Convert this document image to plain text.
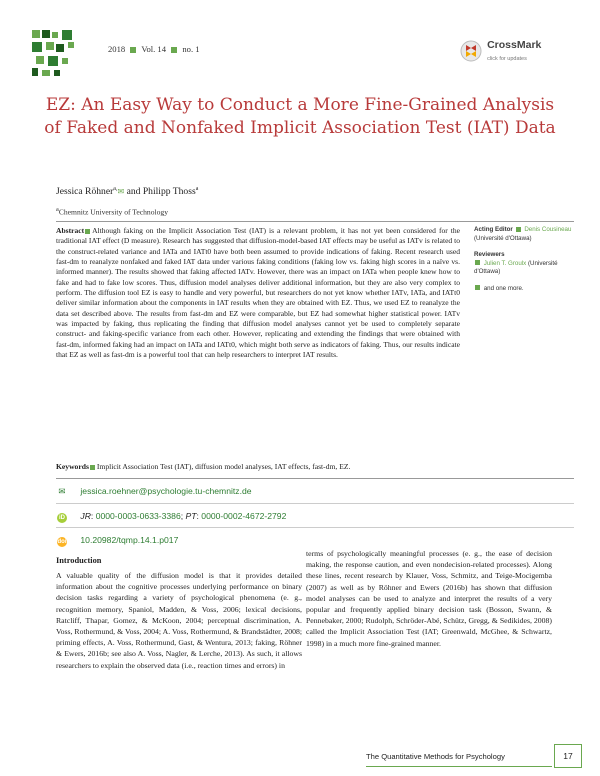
2018 Vol. 14 no. 1	CrossMark
click for updates
EZ: An Easy Way to Conduct a More Fine-Grained Analysis of Faked and Nonfaked Implicit Association Test (IAT) Data
Jessica Röhner$^{a,}$✉ and Philipp Thoss$^a$
$^a$Chemnitz University of Technology
Abstract Although faking on the Implicit Association Test (IAT) is a relevant problem, it has not yet been considered for the traditional IAT effect (D measure). Research has suggested that diffusion-model-based IAT effects may be useful as IATv is related to the construct-related variance and IATa and IATt0 have both been assumed to provide indications of faking. Recent research used fast-dm to reanalyze nonfaked and faked IAT data under various faking conditions (faking low vs. faking high scores in a naïve vs. informed manner). The results showed that faking affected IATv. However, there was an impact on IATa when people knew how to fake and had to fake low scores. Thus, diffusion model analyses deliver additional information, but they are also very complex to perform. The diffusion tool EZ is easy to handle and very powerful, but researchers do not yet know whether IATv, IATa, and IATt0 deliver similar information about the components in IAT results when they are obtained with EZ. Thus, we used EZ to reanalyze the data set described above. The results from fast-dm and EZ were comparable, but EZ had somewhat higher statistical power. IATv was impacted by faking, thus replicating the finding that diffusion model analyses cannot yet be used to completely separate construct- and faking-specific variance from each other. However, replicating and extending the findings that were obtained with fast-dm, informed faking had an impact on IATa and IATt0, which might both serve as indicators of faking. Thus, our results indicate that EZ as well as fast-dm is a powerful tool that can help researchers to interpret IAT results.
Keywords Implicit Association Test (IAT), diffusion model analyses, IAT effects, fast-dm, EZ.
Acting Editor Denis Cousineau (Université d'Ottawa)
Reviewers
Julien T. Groulx (Université d'Ottawa)
and one more.
✉ jessica.roehner@psychologie.tu-chemnitz.de
iD JR: 0000-0003-0633-3386; PT: 0000-0002-4672-2792
doi 10.20982/tqmp.14.1.p017
Introduction
A valuable quality of the diffusion model is that it provides detailed information about the cognitive processes underlying performance on binary decision tasks regarding a variety of psychological phenomena (e. g., recognition memory, Spaniol, Madden, & Voss, 2006; lexical decisions, Ratcliff, Thapar, Gomez, & McKoon, 2004; perceptual discrimination, A. Voss, Rothermund, & Voss, 2004; A. Voss, Rothermund, & Brandstädter, 2008; priming effects, A. Voss, Rothermund, Gast, & Wentura, 2013; faking, Röhner & Ewers, 2016b; see also A. Voss, Nagler, & Lerche, 2013). As such, it allows researchers to explain the observed data (i.e., reaction times and errors) in
terms of psychologically meaningful processes (e. g., the ease of decision making, the response caution, and even nondecision-related processes). Along these lines, recent research by Klauer, Voss, Schmitz, and Teige-Mocigemba (2007) as well as by Röhner and Ewers (2016b) has shown that diffusion model analyses can be used to analyze and interpret the results of a very popular and frequently applied binary decision task (Bosson, Swann, & Pennebaker, 2000; Rudolph, Schröder-Abé, Schütz, Gregg, & Sedikides, 2008) called the Implicit Association Test (IAT; Greenwald, McGhee, & Schwartz, 1998) in a much more fine-grained manner.
The Quantitative Methods for Psychology	17
